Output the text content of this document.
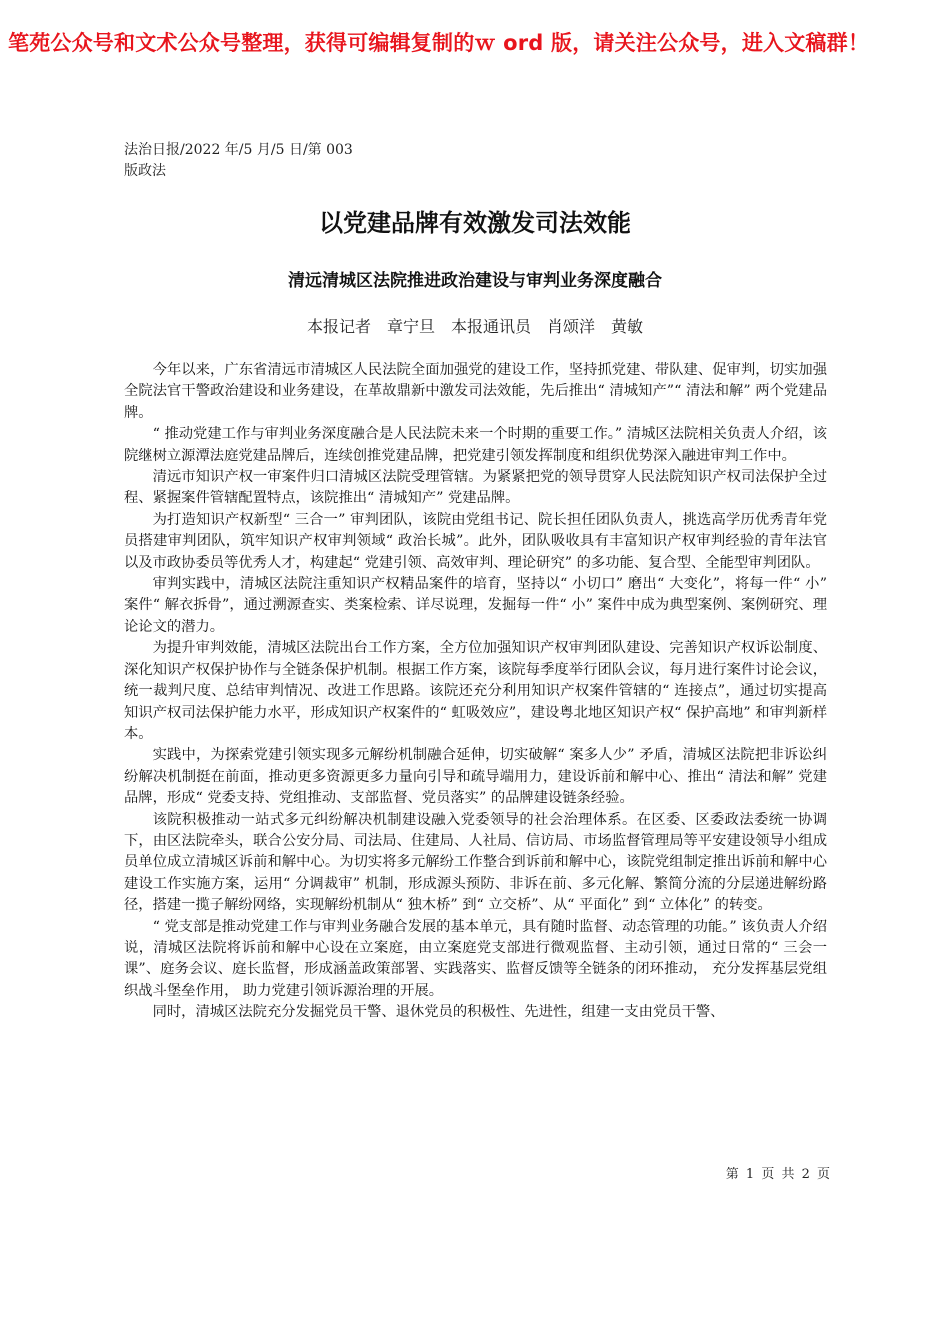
笔苑公众号和文术公众号整理，获得可编辑复制的ｗ ord 版，请关注公众号，进入文稿群！
法治日报/2022 年/5 月/5 日/第 003
版政法
以党建品牌有效激发司法效能
清远清城区法院推进政治建设与审判业务深度融合
本报记者　章宁旦　本报通讯员　肖颂洋　黄敏

今年以来，广东省清远市清城区人民法院全面加强党的建设工作，坚持抓党建、带队建、促审判，切实加强全院法官干警政治建设和业务建设，在革故鼎新中激发司法效能，先后推出“ 清城知产”“ 清法和解” 两个党建品牌。

“ 推动党建工作与审判业务深度融合是人民法院未来一个时期的重要工作。” 清城区法院相关负责人介绍，该院继树立源潭法庭党建品牌后，连续创推党建品牌，把党建引领发挥制度和组织优势深入融进审判工作中。

清远市知识产权一审案件归口清城区法院受理管辖。为紧紧把党的领导贯穿人民法院知识产权司法保护全过程、紧握案件管辖配置特点，该院推出“ 清城知产” 党建品牌。

为打造知识产权新型“ 三合一” 审判团队，该院由党组书记、院长担任团队负责人，挑选高学历优秀青年党员搭建审判团队，筑牢知识产权审判领域“ 政治长城”。此外，团队吸收具有丰富知识产权审判经验的青年法官以及市政协委员等优秀人才，构建起“ 党建引领、高效审判、理论研究” 的多功能、复合型、全能型审判团队。

审判实践中，清城区法院注重知识产权精品案件的培育，坚持以“ 小切口” 磨出“ 大变化”，将每一件“ 小” 案件“ 解衣拆骨”，通过溯源查实、类案检索、详尽说理，发掘每一件“ 小” 案件中成为典型案例、案例研究、理论论文的潜力。

为提升审判效能，清城区法院出台工作方案，全方位加强知识产权审判团队建设、完善知识产权诉讼制度、深化知识产权保护协作与全链条保护机制。根据工作方案，该院每季度举行团队会议，每月进行案件讨论会议，统一裁判尺度、总结审判情况、改进工作思路。该院还充分利用知识产权案件管辖的“ 连接点”，通过切实提高知识产权司法保护能力水平，形成知识产权案件的“ 虹吸效应”，建设粤北地区知识产权“ 保护高地” 和审判新样本。

实践中，为探索党建引领实现多元解纷机制融合延伸，切实破解“ 案多人少” 矛盾，清城区法院把非诉讼纠纷解决机制挺在前面，推动更多资源更多力量向引导和疏导端用力，建设诉前和解中心、推出“ 清法和解” 党建品牌，形成“ 党委支持、党组推动、支部监督、党员落实” 的品牌建设链条经验。

该院积极推动一站式多元纠纷解决机制建设融入党委领导的社会治理体系。在区委、区委政法委统一协调下，由区法院牵头，联合公安分局、司法局、住建局、人社局、信访局、市场监督管理局等平安建设领导小组成员单位成立清城区诉前和解中心。为切实将多元解纷工作整合到诉前和解中心，该院党组制定推出诉前和解中心建设工作实施方案，运用“ 分调裁审” 机制，形成源头预防、非诉在前、多元化解、繁简分流的分层递进解纷路径，搭建一揽子解纷网络，实现解纷机制从“ 独木桥” 到“ 立交桥”、从“ 平面化” 到“ 立体化” 的转变。

“ 党支部是推动党建工作与审判业务融合发展的基本单元，具有随时监督、动态管理的功能。” 该负责人介绍说，清城区法院将诉前和解中心设在立案庭，由立案庭党支部进行微观监督、主动引领，通过日常的“ 三会一课”、庭务会议、庭长监督，形成涵盖政策部署、实践落实、监督反馈等全链条的闭环推动， 充分发挥基层党组织战斗堡垒作用， 助力党建引领诉源治理的开展。

同时，清城区法院充分发掘党员干警、退休党员的积极性、先进性，组建一支由党员干警、

第 1 页 共 2 页
